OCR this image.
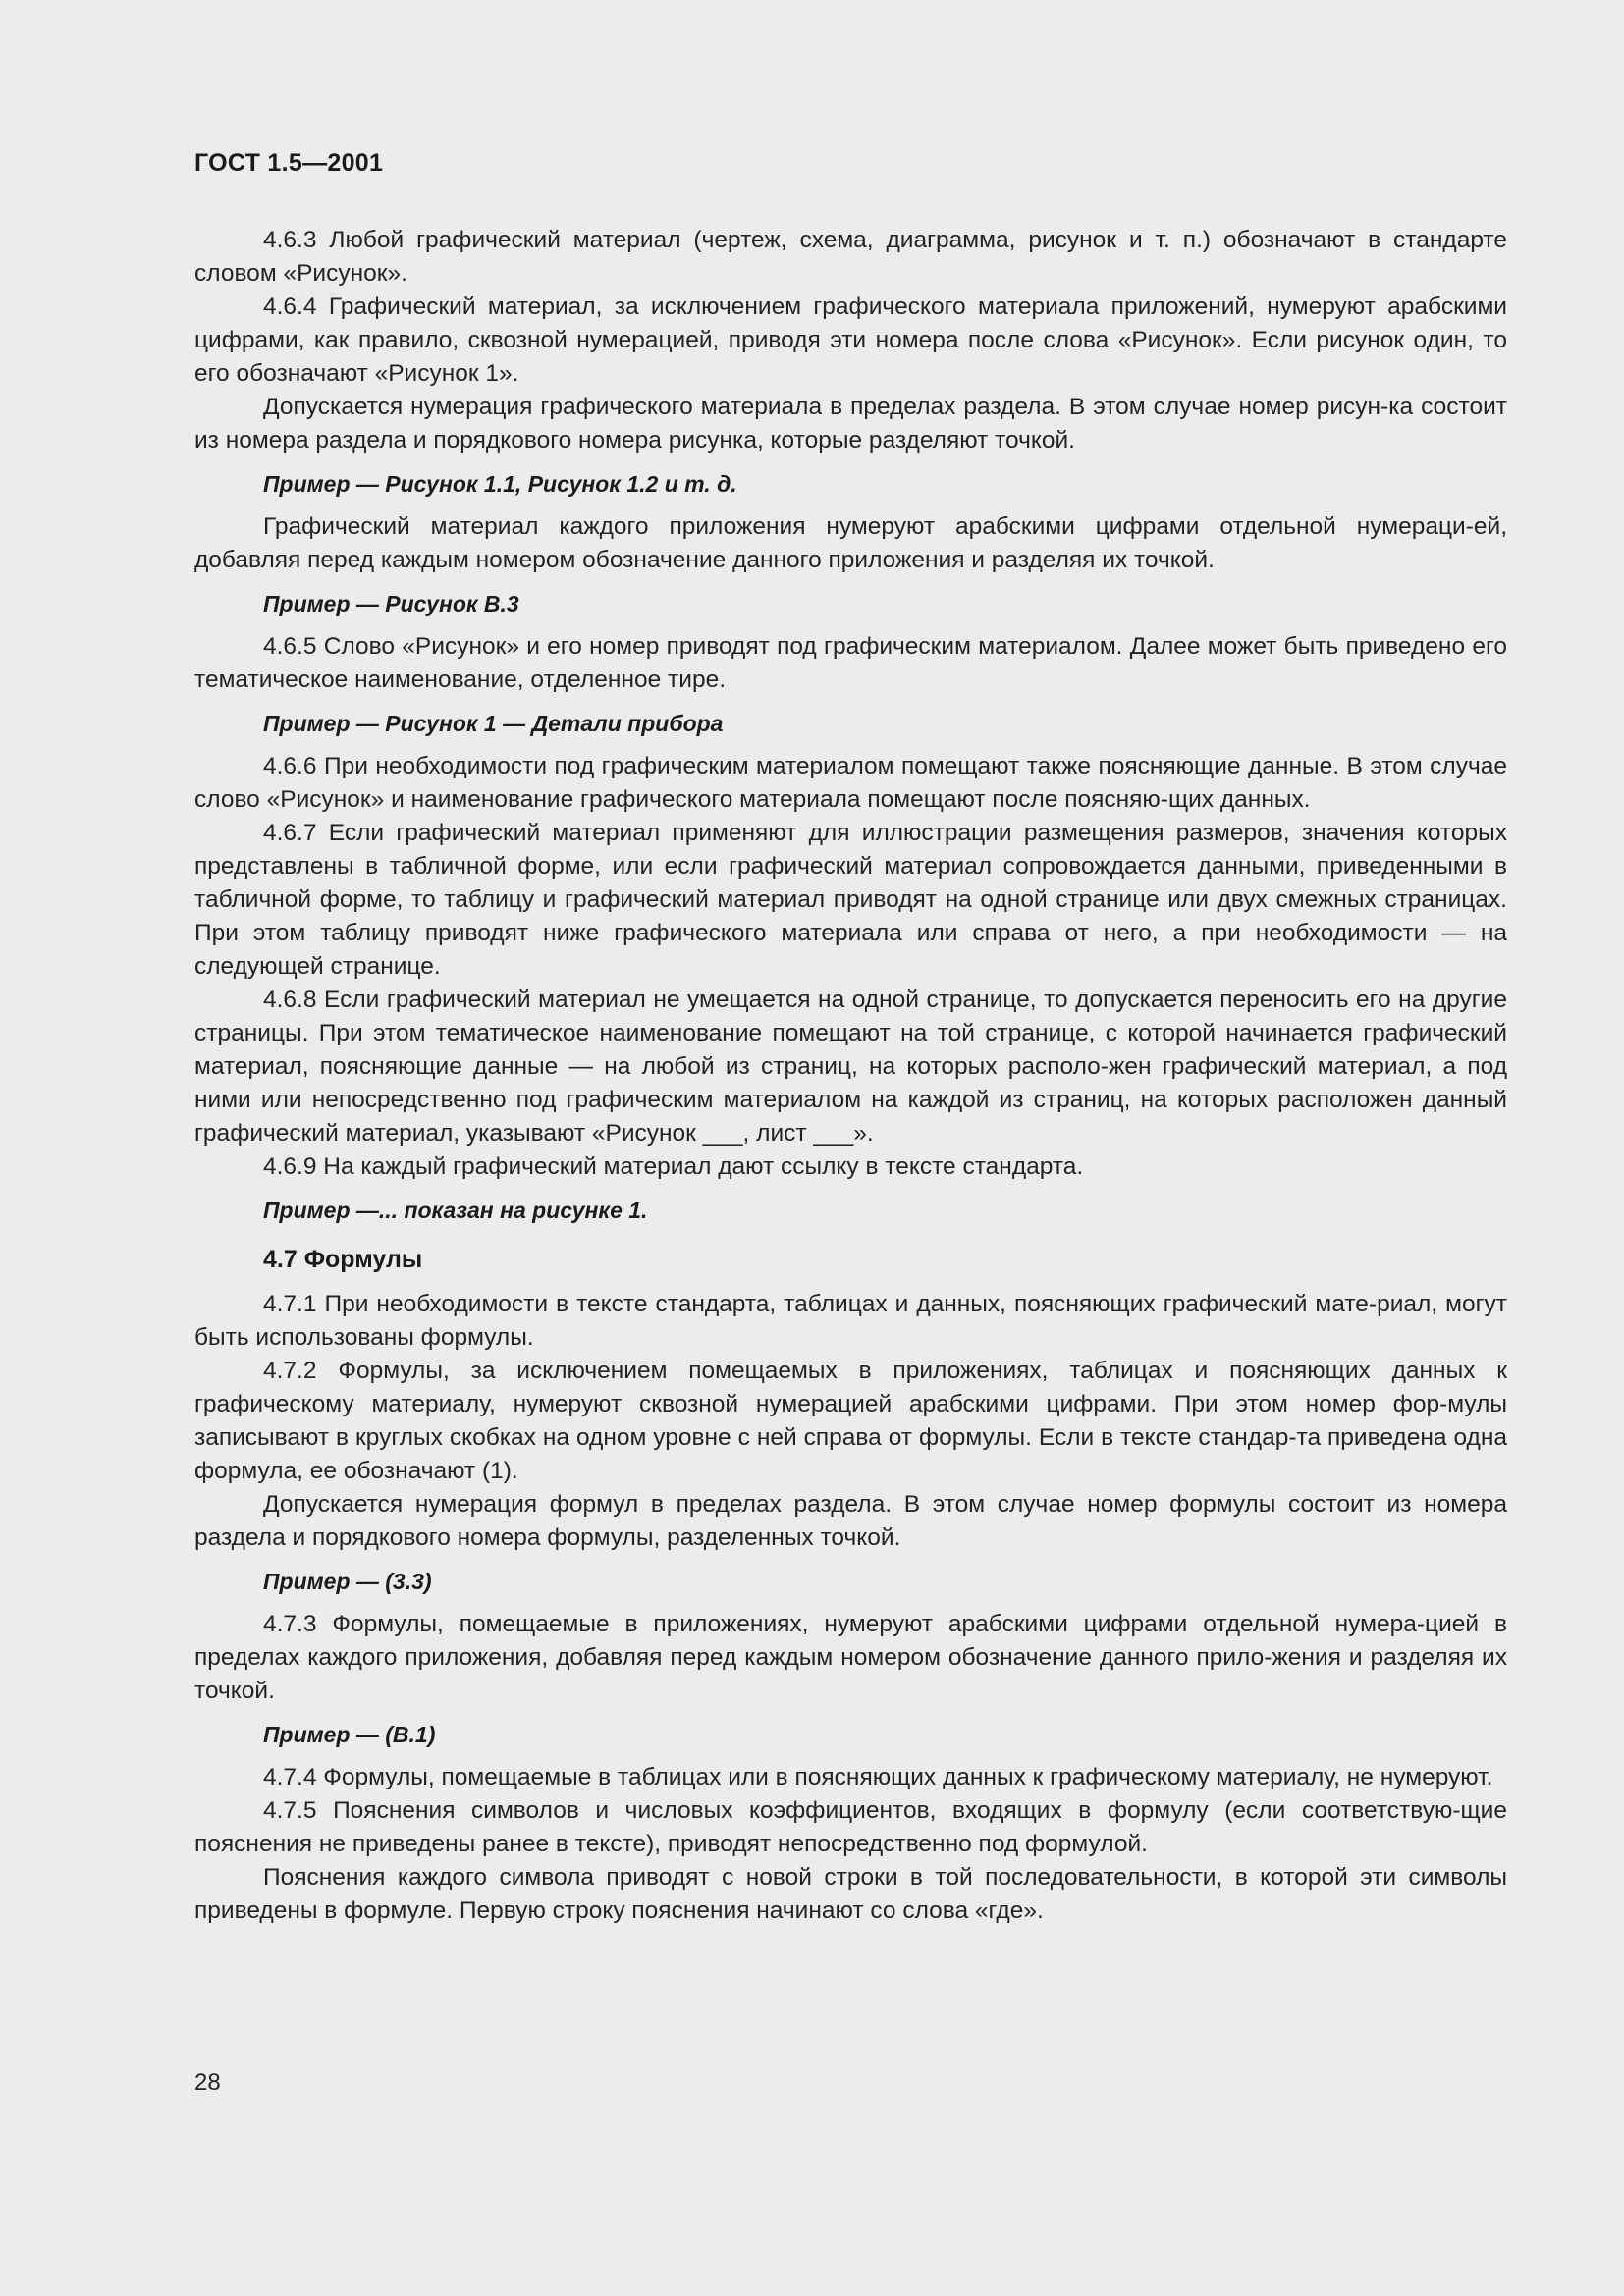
ГОСТ 1.5—2001

4.6.3 Любой графический материал (чертеж, схема, диаграмма, рисунок и т. п.) обозначают в стандарте словом «Рисунок».

4.6.4 Графический материал, за исключением графического материала приложений, нумеруют арабскими цифрами, как правило, сквозной нумерацией, приводя эти номера после слова «Рисунок». Если рисунок один, то его обозначают «Рисунок 1».

Допускается нумерация графического материала в пределах раздела. В этом случае номер рисун-ка состоит из номера раздела и порядкового номера рисунка, которые разделяют точкой.

Пример — Рисунок 1.1, Рисунок 1.2 и т. д.

Графический материал каждого приложения нумеруют арабскими цифрами отдельной нумераци-ей, добавляя перед каждым номером обозначение данного приложения и разделяя их точкой.

Пример — Рисунок В.3

4.6.5 Слово «Рисунок» и его номер приводят под графическим материалом. Далее может быть приведено его тематическое наименование, отделенное тире.

Пример — Рисунок 1 — Детали прибора

4.6.6 При необходимости под графическим материалом помещают также поясняющие данные. В этом случае слово «Рисунок» и наименование графического материала помещают после поясняю-щих данных.

4.6.7 Если графический материал применяют для иллюстрации размещения размеров, значения которых представлены в табличной форме, или если графический материал сопровождается данными, приведенными в табличной форме, то таблицу и графический материал приводят на одной странице или двух смежных страницах. При этом таблицу приводят ниже графического материала или справа от него, а при необходимости — на следующей странице.

4.6.8 Если графический материал не умещается на одной странице, то допускается переносить его на другие страницы. При этом тематическое наименование помещают на той странице, с которой начинается графический материал, поясняющие данные — на любой из страниц, на которых располо-жен графический материал, а под ними или непосредственно под графическим материалом на каждой из страниц, на которых расположен данный графический материал, указывают «Рисунок ___, лист ___».

4.6.9 На каждый графический материал дают ссылку в тексте стандарта.

Пример —... показан на рисунке 1.
4.7 Формулы

4.7.1 При необходимости в тексте стандарта, таблицах и данных, поясняющих графический мате-риал, могут быть использованы формулы.

4.7.2 Формулы, за исключением помещаемых в приложениях, таблицах и поясняющих данных к графическому материалу, нумеруют сквозной нумерацией арабскими цифрами. При этом номер фор-мулы записывают в круглых скобках на одном уровне с ней справа от формулы. Если в тексте стандар-та приведена одна формула, ее обозначают (1).

Допускается нумерация формул в пределах раздела. В этом случае номер формулы состоит из номера раздела и порядкового номера формулы, разделенных точкой.

Пример — (3.3)

4.7.3 Формулы, помещаемые в приложениях, нумеруют арабскими цифрами отдельной нумера-цией в пределах каждого приложения, добавляя перед каждым номером обозначение данного прило-жения и разделяя их точкой.

Пример — (В.1)

4.7.4 Формулы, помещаемые в таблицах или в поясняющих данных к графическому материалу, не нумеруют.

4.7.5 Пояснения символов и числовых коэффициентов, входящих в формулу (если соответствую-щие пояснения не приведены ранее в тексте), приводят непосредственно под формулой.

Пояснения каждого символа приводят с новой строки в той последовательности, в которой эти символы приведены в формуле. Первую строку пояснения начинают со слова «где».

28
